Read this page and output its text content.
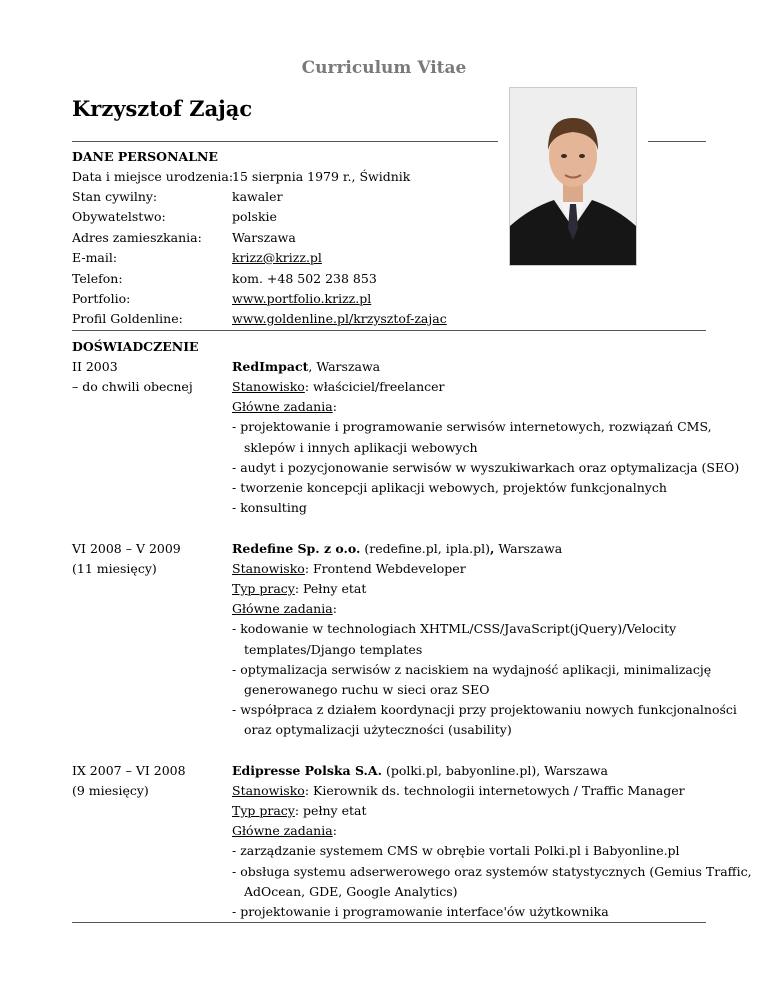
Curriculum Vitae
Krzysztof Zając
DANE PERSONALNE
Data i miejsce urodzenia:
15 sierpnia 1979 r., Świdnik
Stan cywilny:	kawaler
Obywatelstwo:	polskie
Adres zamieszkania: Warszawa
E-mail:	krizz@krizz.pl
Telefon:	kom. +48 502 238 853
Portfolio:	www.portfolio.krizz.pl
Profil Goldenline:	www.goldenline.pl/krzysztof-zajac
DOŚWIADCZENIE
II 2003
– do chwili obecnej
RedImpact, Warszawa
Stanowisko: właściciel/freelancer
Główne zadania:
- projektowanie i programowanie serwisów internetowych, rozwiązań CMS,
sklepów i innych aplikacji webowych
- audyt i pozycjonowanie serwisów w wyszukiwarkach oraz optymalizacja (SEO)
- tworzenie koncepcji aplikacji webowych, projektów funkcjonalnych
- konsulting
VI 2008 – V 2009
(11 miesięcy)
Redefine Sp. z o.o. (redefine.pl, ipla.pl), Warszawa
Stanowisko: Frontend Webdeveloper
Typ pracy: Pełny etat
Główne zadania:
- kodowanie w technologiach XHTML/CSS/JavaScript(jQuery)/Velocity
templates/Django templates
- optymalizacja serwisów z naciskiem na wydajność aplikacji, minimalizację
generowanego ruchu w sieci oraz SEO
- współpraca z działem koordynacji przy projektowaniu nowych funkcjonalności
oraz optymalizacji użyteczności (usability)
IX 2007 – VI 2008
(9 miesięcy)
Edipresse Polska S.A. (polki.pl, babyonline.pl), Warszawa
Stanowisko: Kierownik ds. technologii internetowych / Traffic Manager
Typ pracy: pełny etat
Główne zadania:
- zarządzanie systemem CMS w obrębie vortali Polki.pl i Babyonline.pl
- obsługa systemu adserwerowego oraz systemów statystycznych (Gemius Traffic,
AdOcean, GDE, Google Analytics)
- projektowanie i programowanie interface'ów użytkownika
